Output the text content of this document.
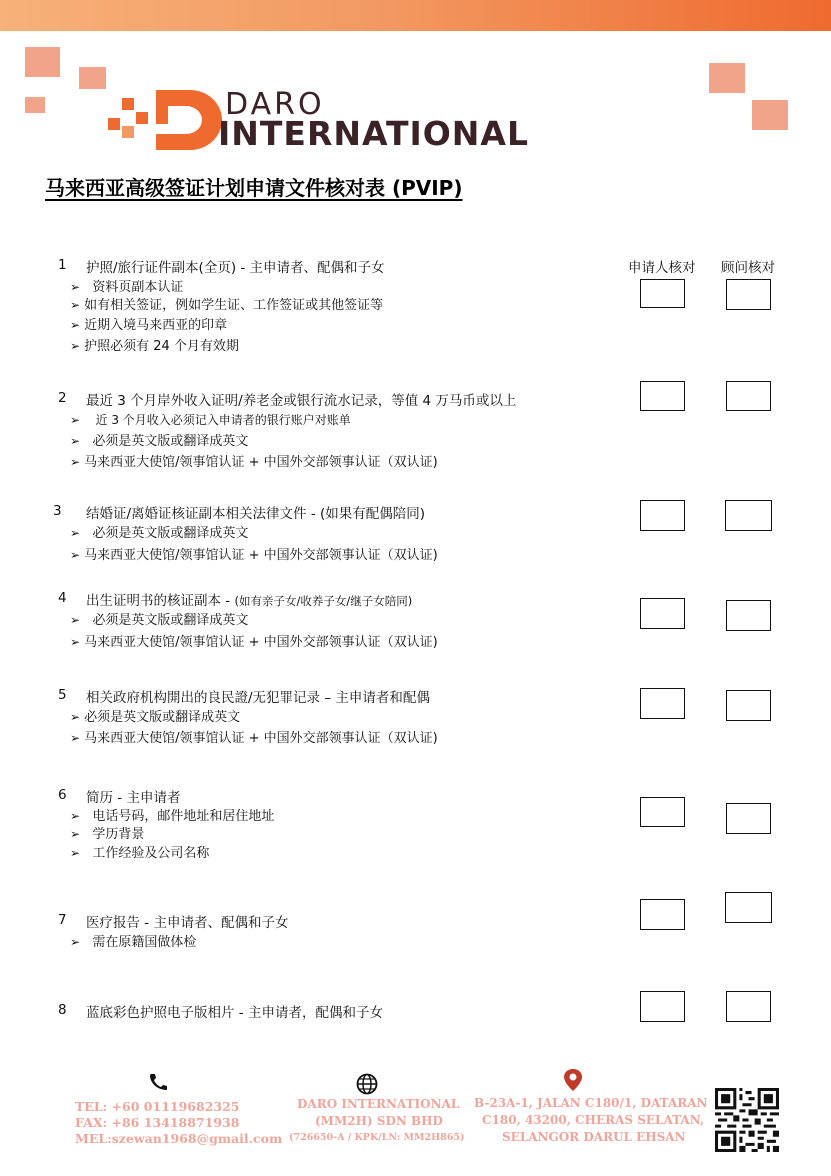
DARO
INTERNATIONAL
马来西亚高级签证计划申请文件核对表 (PVIP)
申请人核对 顾问核对
1 护照/旅行证件副本(全页) - 主申请者、配偶和子女
➢ 资料页副本认证
➢ 如有相关签证，例如学生证、工作签证或其他签证等
➢ 近期入境马来西亚的印章
➢ 护照必须有 24 个月有效期
2 最近 3 个月岸外收入证明/养老金或银行流水记录，等值 4 万马币或以上
➢ 近 3 个月收入必须记入申请者的银行账户对账单
➢ 必须是英文版或翻译成英文
➢ 马来西亚大使馆/领事馆认证 + 中国外交部领事认证（双认证)
3 结婚证/离婚证核证副本相关法律文件 - (如果有配偶陪同)
➢ 必须是英文版或翻译成英文
➢ 马来西亚大使馆/领事馆认证 + 中国外交部领事认证（双认证)
4 出生证明书的核证副本 - (如有亲子女/收养子女/继子女陪同)
➢ 必须是英文版或翻译成英文
➢ 马来西亚大使馆/领事馆认证 + 中国外交部领事认证（双认证)
5 相关政府机构開出的良民證/无犯罪记录 – 主申请者和配偶
➢ 必须是英文版或翻译成英文
➢ 马来西亚大使馆/领事馆认证 + 中国外交部领事认证（双认证)
6 简历 - 主申请者
➢ 电话号码，邮件地址和居住地址
➢ 学历背景
➢ 工作经验及公司名称
7 医疗报告 - 主申请者、配偶和子女
➢ 需在原籍国做体检
8 蓝底彩色护照电子版相片 - 主申请者，配偶和子女
TEL: +60 01119682325
FAX: +86 13418871938
MEL:szewan1968@gmail.com
DARO INTERNATIONAL
(MM2H) SDN BHD
(726650-A / KPK/LN: MM2H865)
B-23A-1, JALAN C180/1, DATARAN
C180, 43200, CHERAS SELATAN,
SELANGOR DARUL EHSAN
